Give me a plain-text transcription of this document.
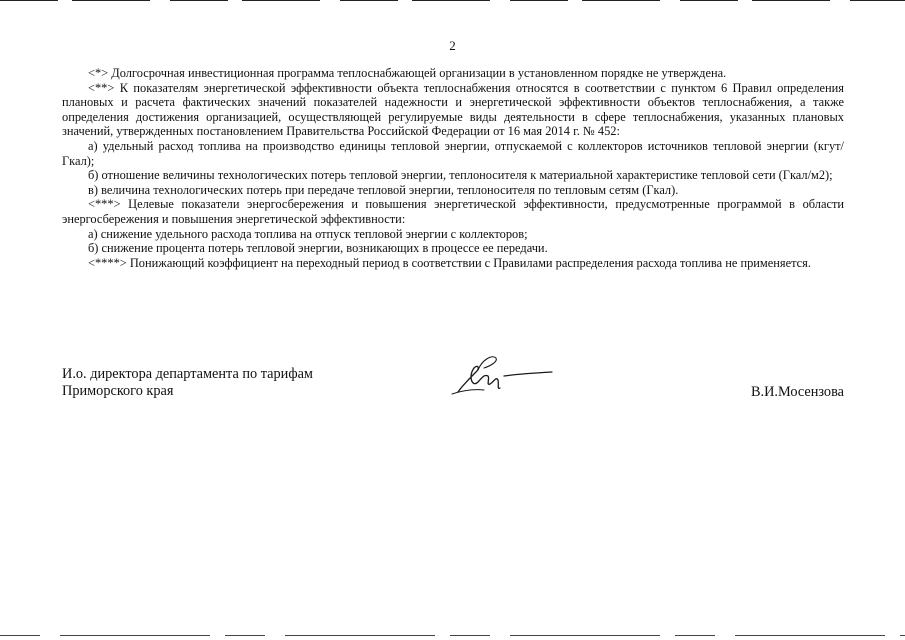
2

<*> Долгосрочная инвестиционная программа теплоснабжающей организации в установленном порядке не утверждена.

<**> К показателям энергетической эффективности объекта теплоснабжения относятся в соответствии с пунктом 6 Правил определения плановых и расчета фактических значений показателей надежности и энергетической эффективности объектов теплоснабжения, а также определения достижения организацией, осуществляющей регулируемые виды деятельности в сфере теплоснабжения, указанных плановых значений, утвержденных постановлением Правительства Российской Федерации от 16 мая 2014 г. № 452:

а) удельный расход топлива на производство единицы тепловой энергии, отпускаемой с коллекторов источников тепловой энергии (кгут/Гкал);

б) отношение величины технологических потерь тепловой энергии, теплоносителя к материальной характеристике тепловой сети (Гкал/м2);

в) величина технологических потерь при передаче тепловой энергии, теплоносителя по тепловым сетям (Гкал).

<***> Целевые показатели энергосбережения и повышения энергетической эффективности, предусмотренные программой в области энергосбережения и повышения энергетической эффективности:

а) снижение удельного расхода топлива на отпуск тепловой энергии с коллекторов;

б) снижение процента потерь тепловой энергии, возникающих в процессе ее передачи.

<****> Понижающий коэффициент на переходный период в соответствии с Правилами распределения расхода топлива не применяется.

И.о. директора департамента по тарифам
Приморского края	В.И.Мосензова
